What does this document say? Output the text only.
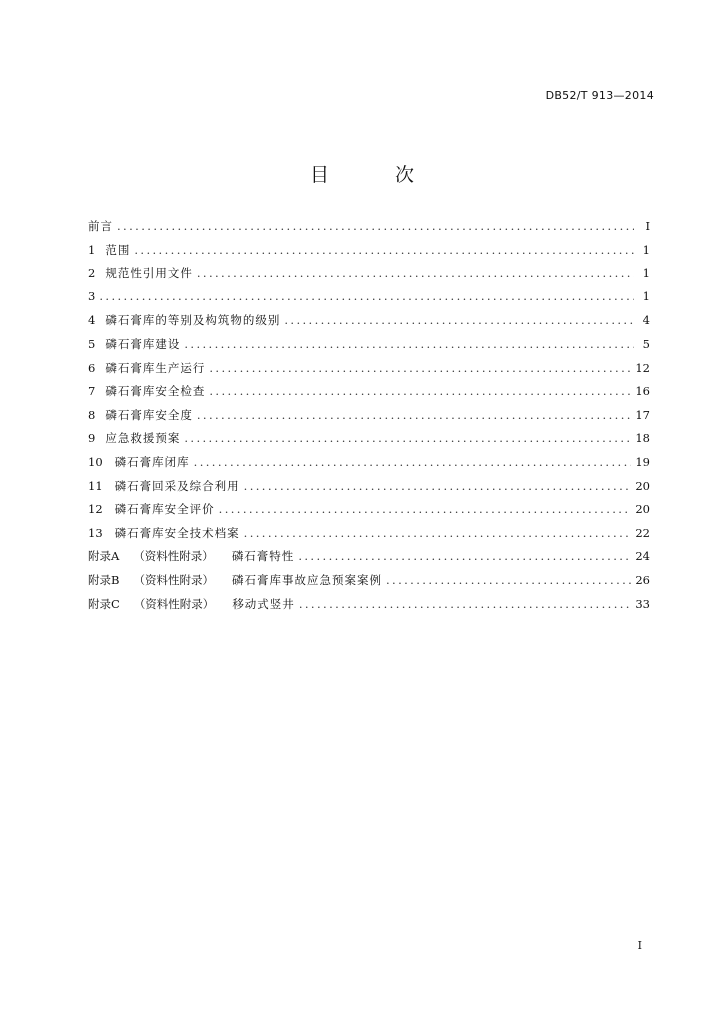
DB52/T 913—2014
目 次
前言 .....	I
1 范围 .....	1
2 规范性引用文件 .....	1
3 .....	1
4 磷石膏库的等别及构筑物的级别 .....	4
5 磷石膏库建设 .....	5
6 磷石膏库生产运行 .....	12
7 磷石膏库安全检查 .....	16
8 磷石膏库安全度 .....	17
9 应急救援预案 .....	18
10 磷石膏库闭库 .....	19
11 磷石膏回采及综合利用 .....	20
12 磷石膏库安全评价 .....	20
13 磷石膏库安全技术档案 .....	22
附录A （资料性附录） 磷石膏特性 .....	24
附录B （资料性附录） 磷石膏库事故应急预案案例 .....	26
附录C （资料性附录） 移动式竖井 .....	33
I
